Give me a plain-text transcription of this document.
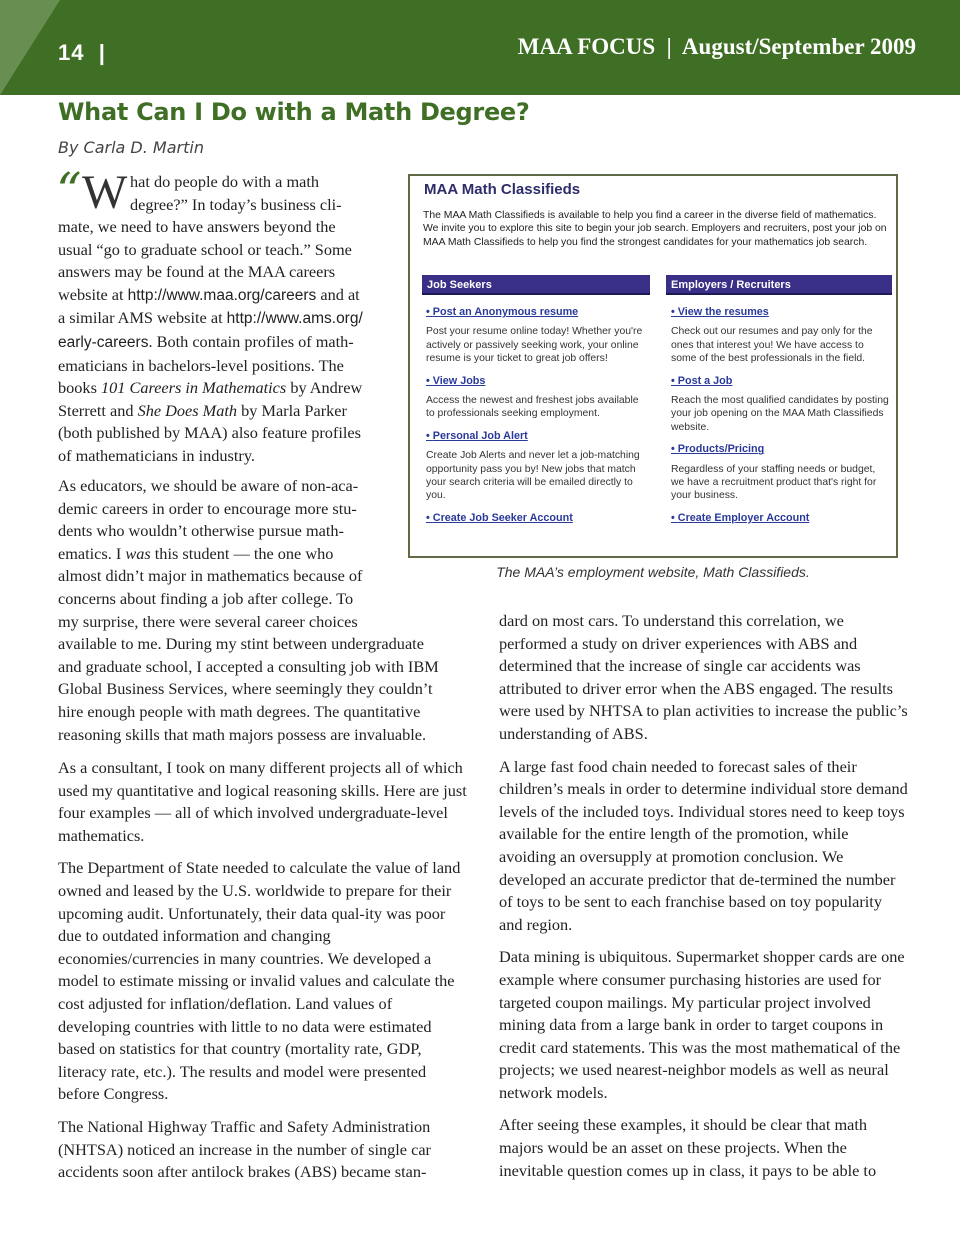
14  |	MAA FOCUS  |  August/September 2009
What Can I Do with a Math Degree?
By Carla D. Martin
“ W hat do people do with a math
degree?” In today’s business cli-
mate, we need to have answers beyond the
usual “go to graduate school or teach.” Some
answers may be found at the MAA careers
website at http://www.maa.org/careers and at
a similar AMS website at http://www.ams.org/
early-careers. Both contain profiles of math-
ematicians in bachelors-level positions. The
books 101 Careers in Mathematics by Andrew
Sterrett and She Does Math by Marla Parker
(both published by MAA) also feature profiles
of mathematicians in industry.
As educators, we should be aware of non-aca-
demic careers in order to encourage more stu-
dents who wouldn’t otherwise pursue math-
ematics. I was this student — the one who
almost didn’t major in mathematics because of
concerns about finding a job after college. To
my surprise, there were several career choices
available to me. During my stint between undergraduate
and graduate school, I accepted a consulting job with IBM
Global Business Services, where seemingly they couldn’t
hire enough people with math degrees. The quantitative
reasoning skills that math majors possess are invaluable.

As a consultant, I took on many different projects all of which used my quantitative and logical reasoning skills. Here are just four examples — all of which involved undergraduate-level mathematics.

The Department of State needed to calculate the value of land owned and leased by the U.S. worldwide to prepare for their upcoming audit. Unfortunately, their data qual-ity was poor due to outdated information and changing economies/currencies in many countries. We developed a model to estimate missing or invalid values and calculate the cost adjusted for inflation/deflation. Land values of developing countries with little to no data were estimated based on statistics for that country (mortality rate, GDP, literacy rate, etc.). The results and model were presented before Congress.

The National Highway Traffic and Safety Administration (NHTSA) noticed an increase in the number of single car accidents soon after antilock brakes (ABS) became stan-

dard on most cars. To understand this correlation, we performed a study on driver experiences with ABS and determined that the increase of single car accidents was attributed to driver error when the ABS engaged. The results were used by NHTSA to plan activities to increase the public’s understanding of ABS.

A large fast food chain needed to forecast sales of their children’s meals in order to determine individual store demand levels of the included toys. Individual stores need to keep toys available for the entire length of the promotion, while avoiding an oversupply at promotion conclusion. We developed an accurate predictor that de-termined the number of toys to be sent to each franchise based on toy popularity and region.

Data mining is ubiquitous. Supermarket shopper cards are one example where consumer purchasing histories are used for targeted coupon mailings. My particular project involved mining data from a large bank in order to target coupons in credit card statements. This was the most mathematical of the projects; we used nearest-neighbor models as well as neural network models.

After seeing these examples, it should be clear that math majors would be an asset on these projects. When the inevitable question comes up in class, it pays to be able to

MAA Math Classifieds
The MAA Math Classifieds is available to help you find a career in the diverse field of mathematics. We invite you to explore this site to begin your job search. Employers and recruiters, post your job on MAA Math Classifieds to help you find the strongest candidates for your mathematics job search.
Job Seekers	Employers / Recruiters
• Post an Anonymous resume
Post your resume online today! Whether you're actively or passively seeking work, your online resume is your ticket to great job offers!
• View Jobs
Access the newest and freshest jobs available to professionals seeking employment.
• Personal Job Alert
Create Job Alerts and never let a job-matching opportunity pass you by! New jobs that match your search criteria will be emailed directly to you.
• Create Job Seeker Account
• View the resumes
Check out our resumes and pay only for the ones that interest you! We have access to some of the best professionals in the field.
• Post a Job
Reach the most qualified candidates by posting your job opening on the MAA Math Classifieds website.
• Products/Pricing
Regardless of your staffing needs or budget, we have a recruitment product that's right for your business.
• Create Employer Account
The MAA’s employment website, Math Classifieds.
